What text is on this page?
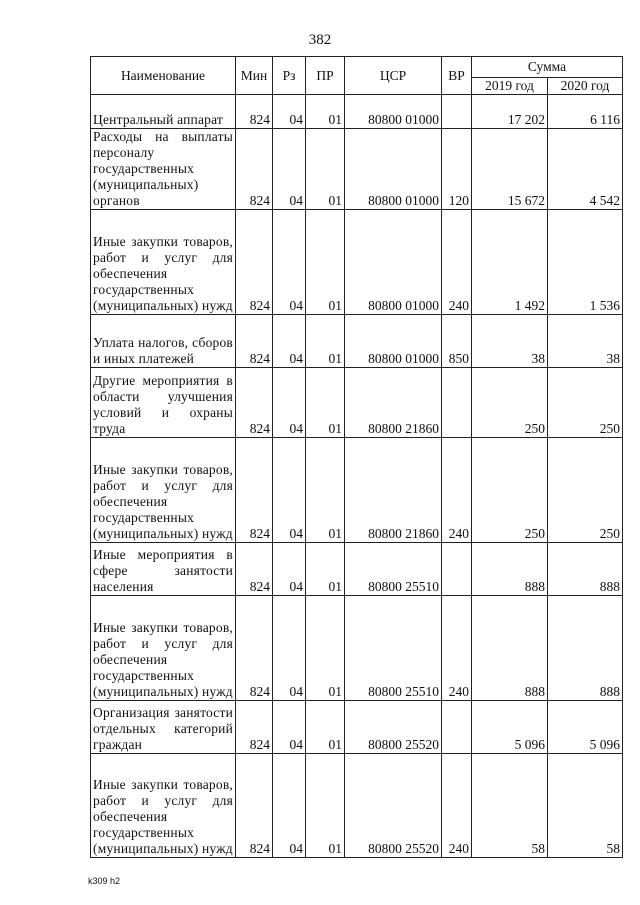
382
Наименование	Мин	Рз	ПР	ЦСР	ВР	Сумма	
						2019 год	2020 год
Центральный аппарат	824	04	01	80800 01000		17 202	6 116
Расходы на выплаты персоналу государственных (муниципальных) органов	824	04	01	80800 01000	120	15 672	4 542
Иные закупки товаров, работ и услуг для обеспечения государственных (муниципальных) нужд	824	04	01	80800 01000	240	1 492	1 536
Уплата налогов, сборов и иных платежей	824	04	01	80800 01000	850	38	38
Другие мероприятия в области улучшения условий и охраны труда	824	04	01	80800 21860		250	250
Иные закупки товаров, работ и услуг для обеспечения государственных (муниципальных) нужд	824	04	01	80800 21860	240	250	250
Иные мероприятия в сфере занятости населения	824	04	01	80800 25510		888	888
Иные закупки товаров, работ и услуг для обеспечения государственных (муниципальных) нужд	824	04	01	80800 25510	240	888	888
Организация занятости отдельных категорий граждан	824	04	01	80800 25520		5 096	5 096
Иные закупки товаров, работ и услуг для обеспечения государственных (муниципальных) нужд	824	04	01	80800 25520	240	58	58
k309 h2
